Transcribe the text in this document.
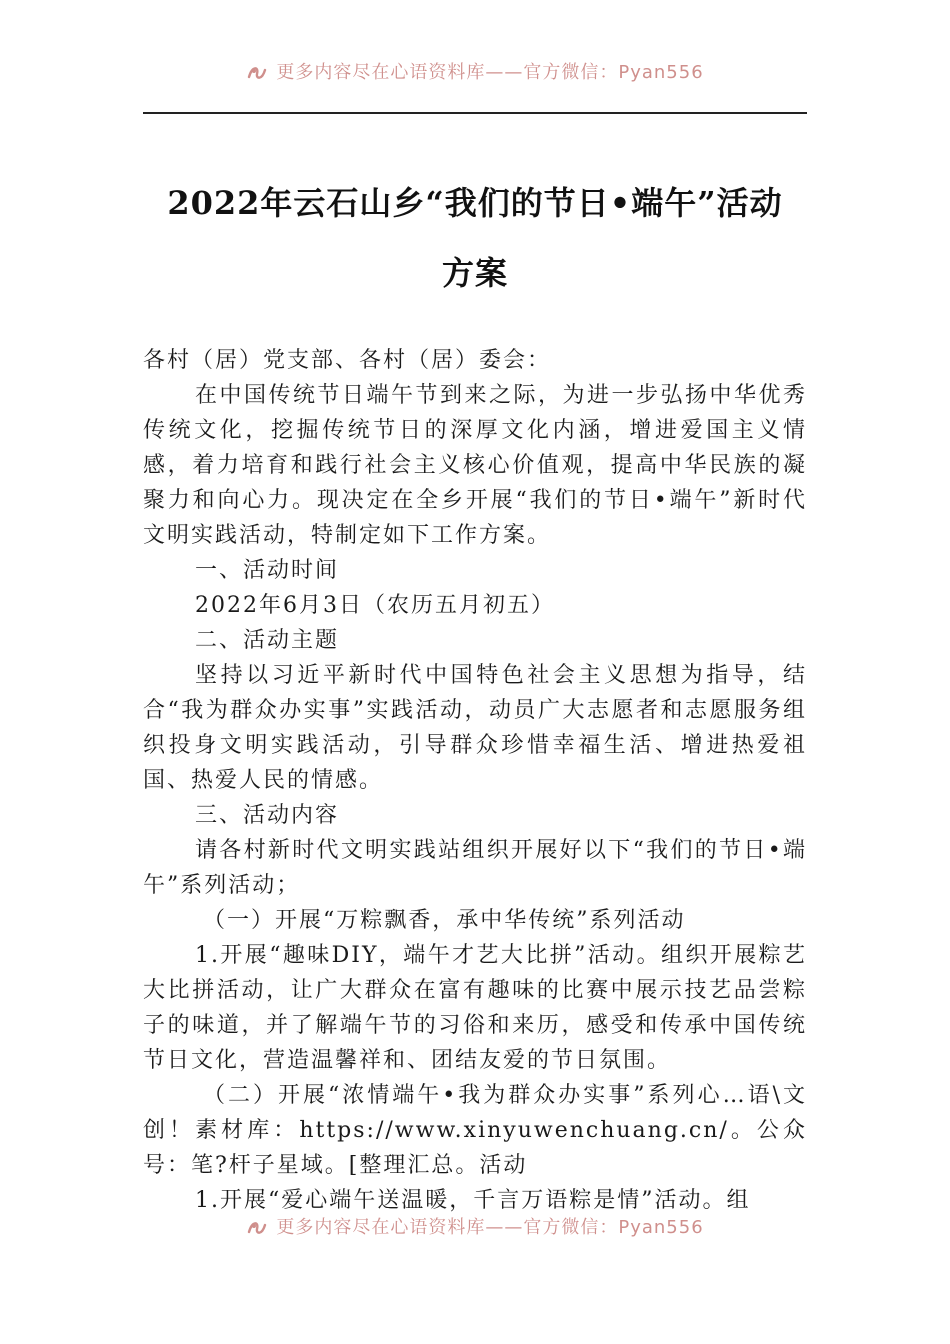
更多内容尽在心语资料库——官方微信：Pyan556
2022年云石山乡“我们的节日•端午”活动
方案

各村（居）党支部、各村（居）委会：

在中国传统节日端午节到来之际，为进一步弘扬中华优秀传统文化，挖掘传统节日的深厚文化内涵，增进爱国主义情感，着力培育和践行社会主义核心价值观，提高中华民族的凝聚力和向心力。现决定在全乡开展“我们的节日•端午”新时代文明实践活动，特制定如下工作方案。

一、活动时间

2022年6月3日（农历五月初五）

二、活动主题

坚持以习近平新时代中国特色社会主义思想为指导，结合“我为群众办实事”实践活动，动员广大志愿者和志愿服务组织投身文明实践活动，引导群众珍惜幸福生活、增进热爱祖国、热爱人民的情感。

三、活动内容

请各村新时代文明实践站组织开展好以下“我们的节日•端午”系列活动；

（一）开展“万粽飘香，承中华传统”系列活动

1.开展“趣味DIY，端午才艺大比拼”活动。组织开展粽艺大比拼活动，让广大群众在富有趣味的比赛中展示技艺品尝粽子的味道，并了解端午节的习俗和来历，感受和传承中国传统节日文化，营造温馨祥和、团结友爱的节日氛围。

（二）开展“浓情端午•我为群众办实事”系列心…语\文创！素材库：https://www.xinyuwenchuang.cn/。公众号：笔?杆子星域。[整理汇总。活动

1.开展“爱心端午送温暖，千言万语粽是情”活动。组

更多内容尽在心语资料库——官方微信：Pyan556
